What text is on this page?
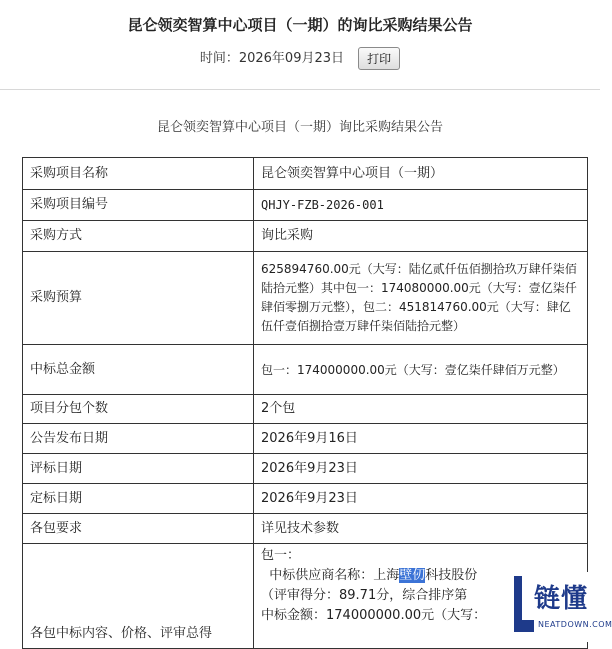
昆仑领奕智算中心项目（一期）的询比采购结果公告
时间：2026年09月23日 打印
昆仑领奕智算中心项目（一期）询比采购结果公告
采购项目名称	昆仑领奕智算中心项目（一期）
采购项目编号	QHJY-FZB-2026-001
采购方式	询比采购
采购预算	625894760.00元（大写：陆亿贰仟伍佰捌拾玖万肆仟柒佰陆拾元整）其中包一：174080000.00元（大写：壹亿柒仟肆佰零捌万元整），包二：451814760.00元（大写：肆亿伍仟壹佰捌拾壹万肆仟柒佰陆拾元整）
中标总金额	包一：174000000.00元（大写：壹亿柒仟肆佰万元整）
项目分包个数	2个包
公告发布日期	2026年9月16日
评标日期	2026年9月23日
定标日期	2026年9月23日
各包要求	详见技术参数
各包中标内容、价格、评审总得	包一：
中标供应商名称：上海壁仞科技股份
（评审得分：89.71分，综合排序第
中标金额：174000000.00元（大写：
链懂
NEATDOWN.COM
